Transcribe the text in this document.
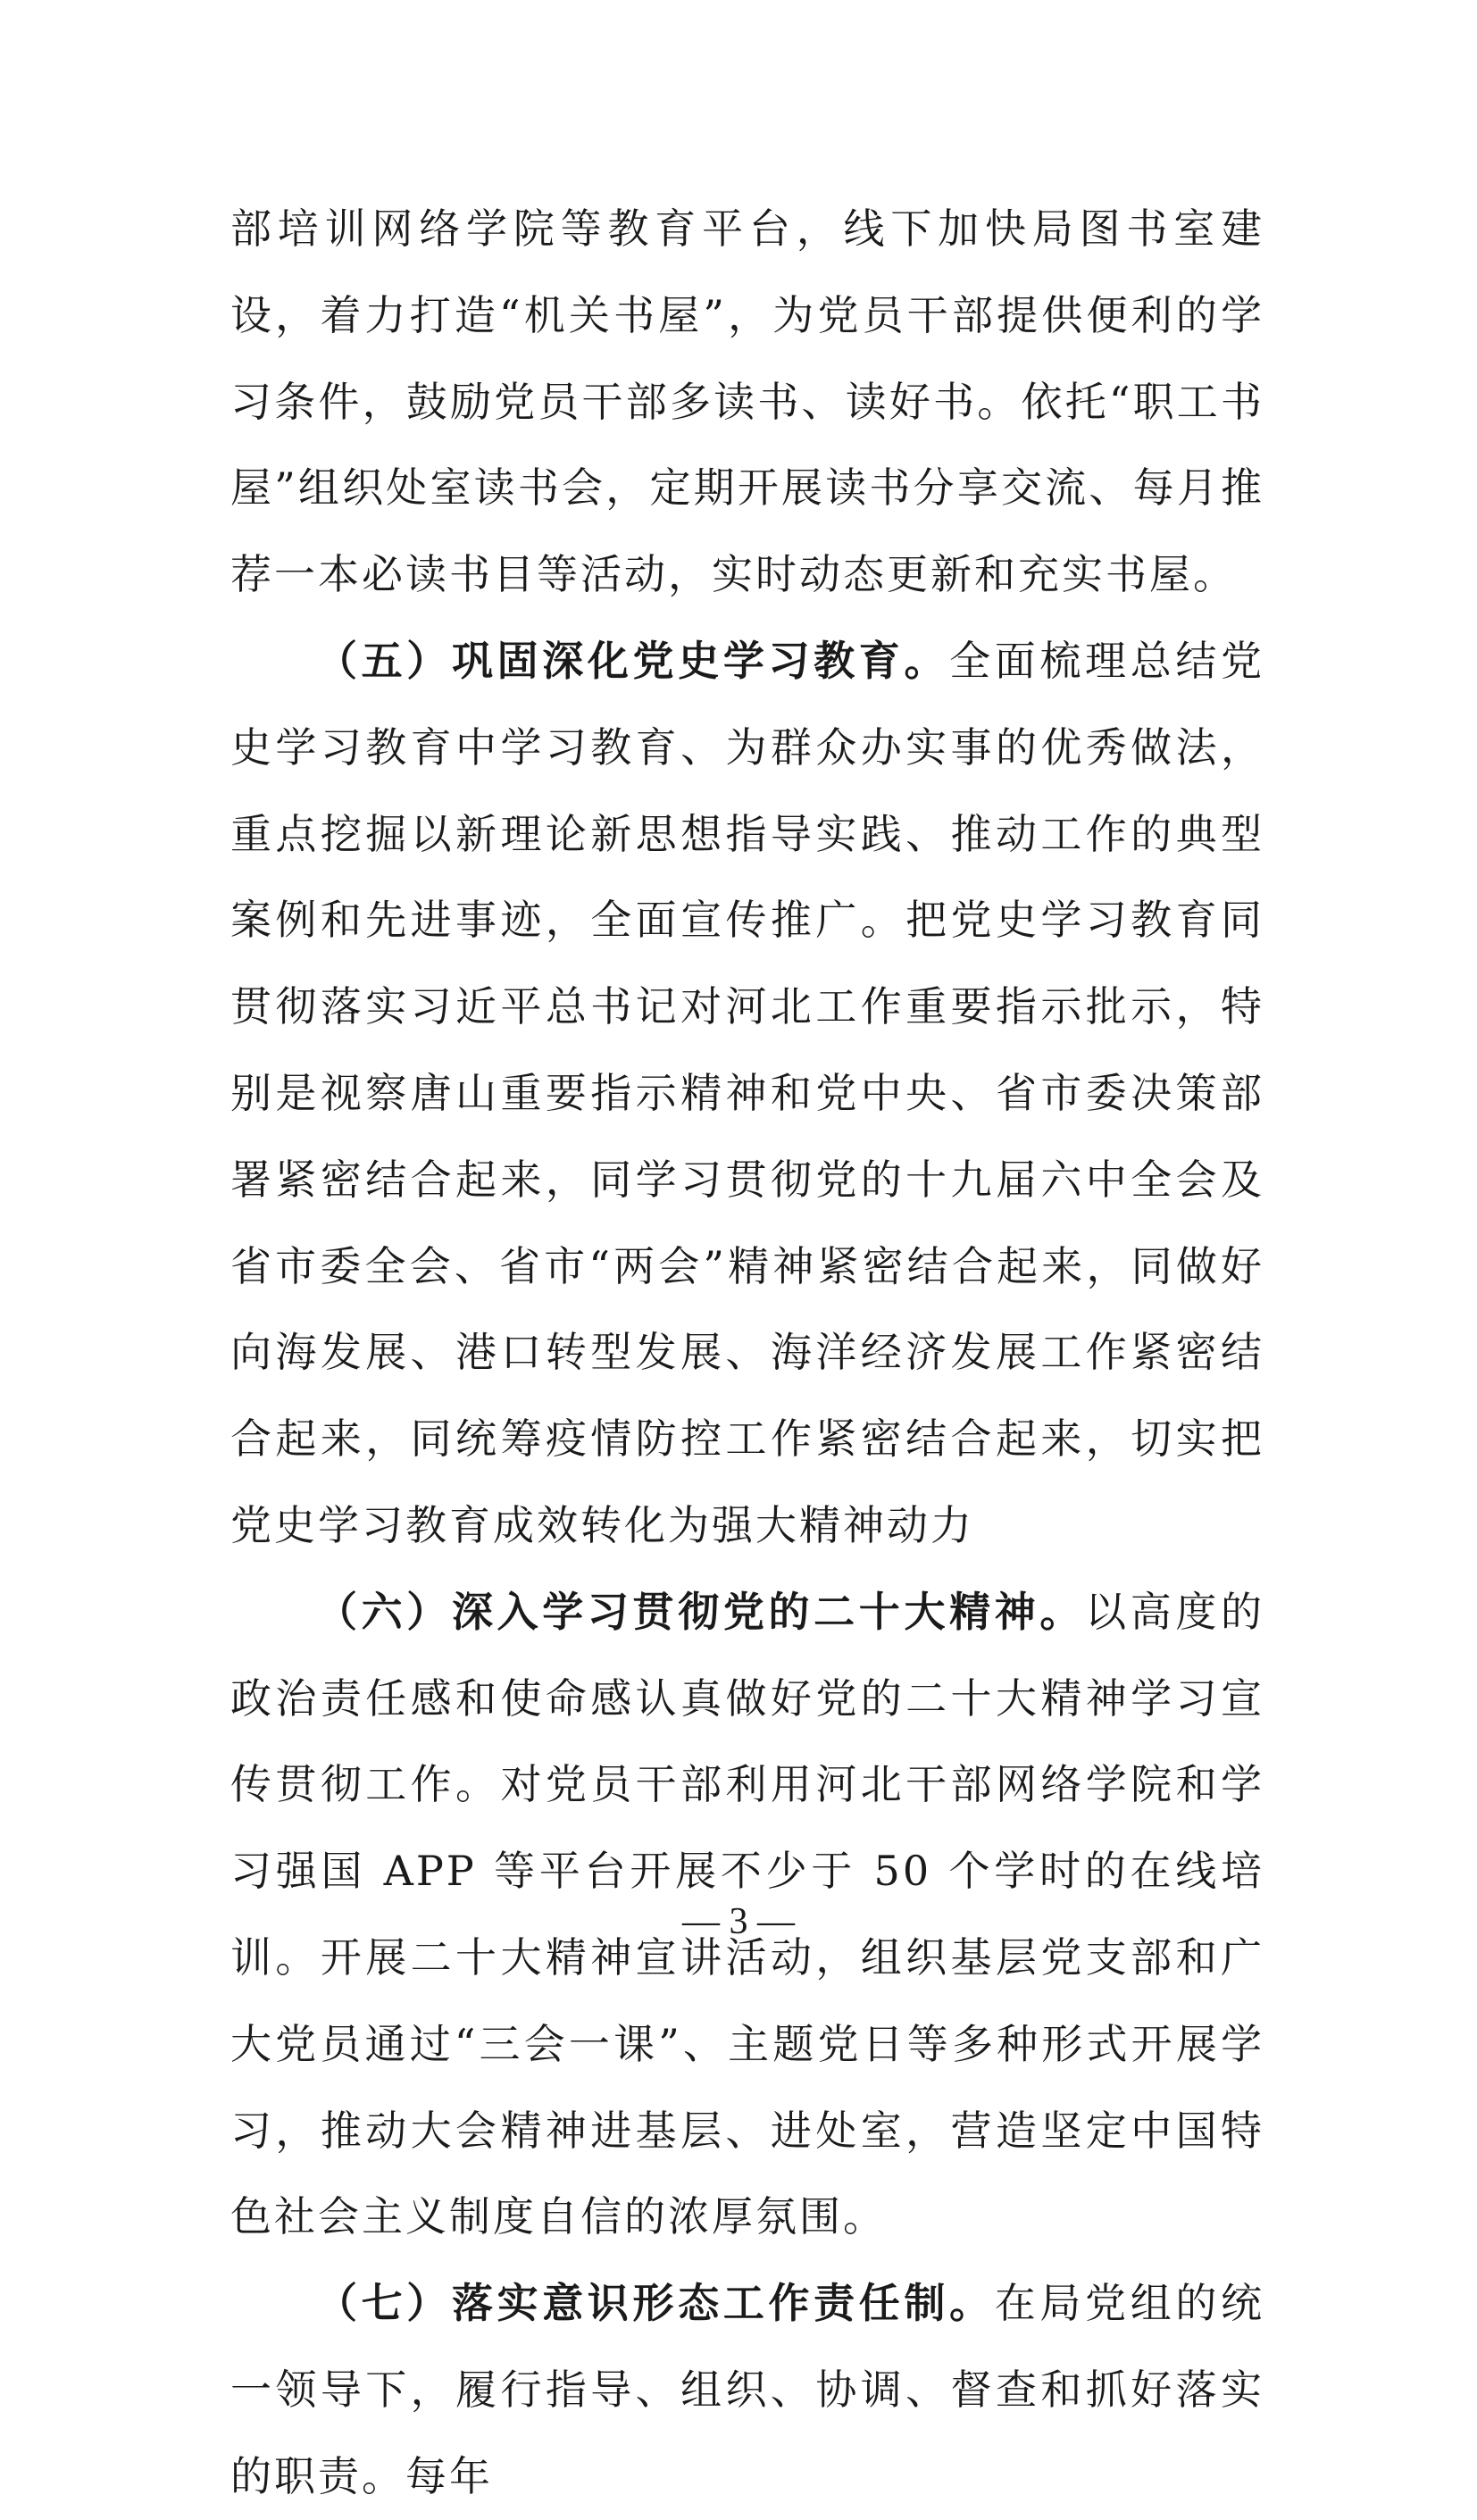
部培训网络学院等教育平台，线下加快局图书室建设，着力打造“机关书屋”，为党员干部提供便利的学习条件，鼓励党员干部多读书、读好书。依托“职工书屋”组织处室读书会，定期开展读书分享交流、每月推荐一本必读书目等活动，实时动态更新和充实书屋。

（五）巩固深化党史学习教育。全面梳理总结党史学习教育中学习教育、为群众办实事的优秀做法，重点挖掘以新理论新思想指导实践、推动工作的典型案例和先进事迹，全面宣传推广。把党史学习教育同贯彻落实习近平总书记对河北工作重要指示批示，特别是视察唐山重要指示精神和党中央、省市委决策部署紧密结合起来，同学习贯彻党的十九届六中全会及省市委全会、省市“两会”精神紧密结合起来，同做好向海发展、港口转型发展、海洋经济发展工作紧密结合起来，同统筹疫情防控工作紧密结合起来，切实把党史学习教育成效转化为强大精神动力

（六）深入学习贯彻党的二十大精神。以高度的政治责任感和使命感认真做好党的二十大精神学习宣传贯彻工作。对党员干部利用河北干部网络学院和学习强国 APP 等平台开展不少于 50 个学时的在线培训。开展二十大精神宣讲活动，组织基层党支部和广大党员通过“三会一课”、主题党日等多种形式开展学习，推动大会精神进基层、进处室，营造坚定中国特色社会主义制度自信的浓厚氛围。

（七）落实意识形态工作责任制。在局党组的统一领导下，履行指导、组织、协调、督查和抓好落实的职责。每年

— 3 —
